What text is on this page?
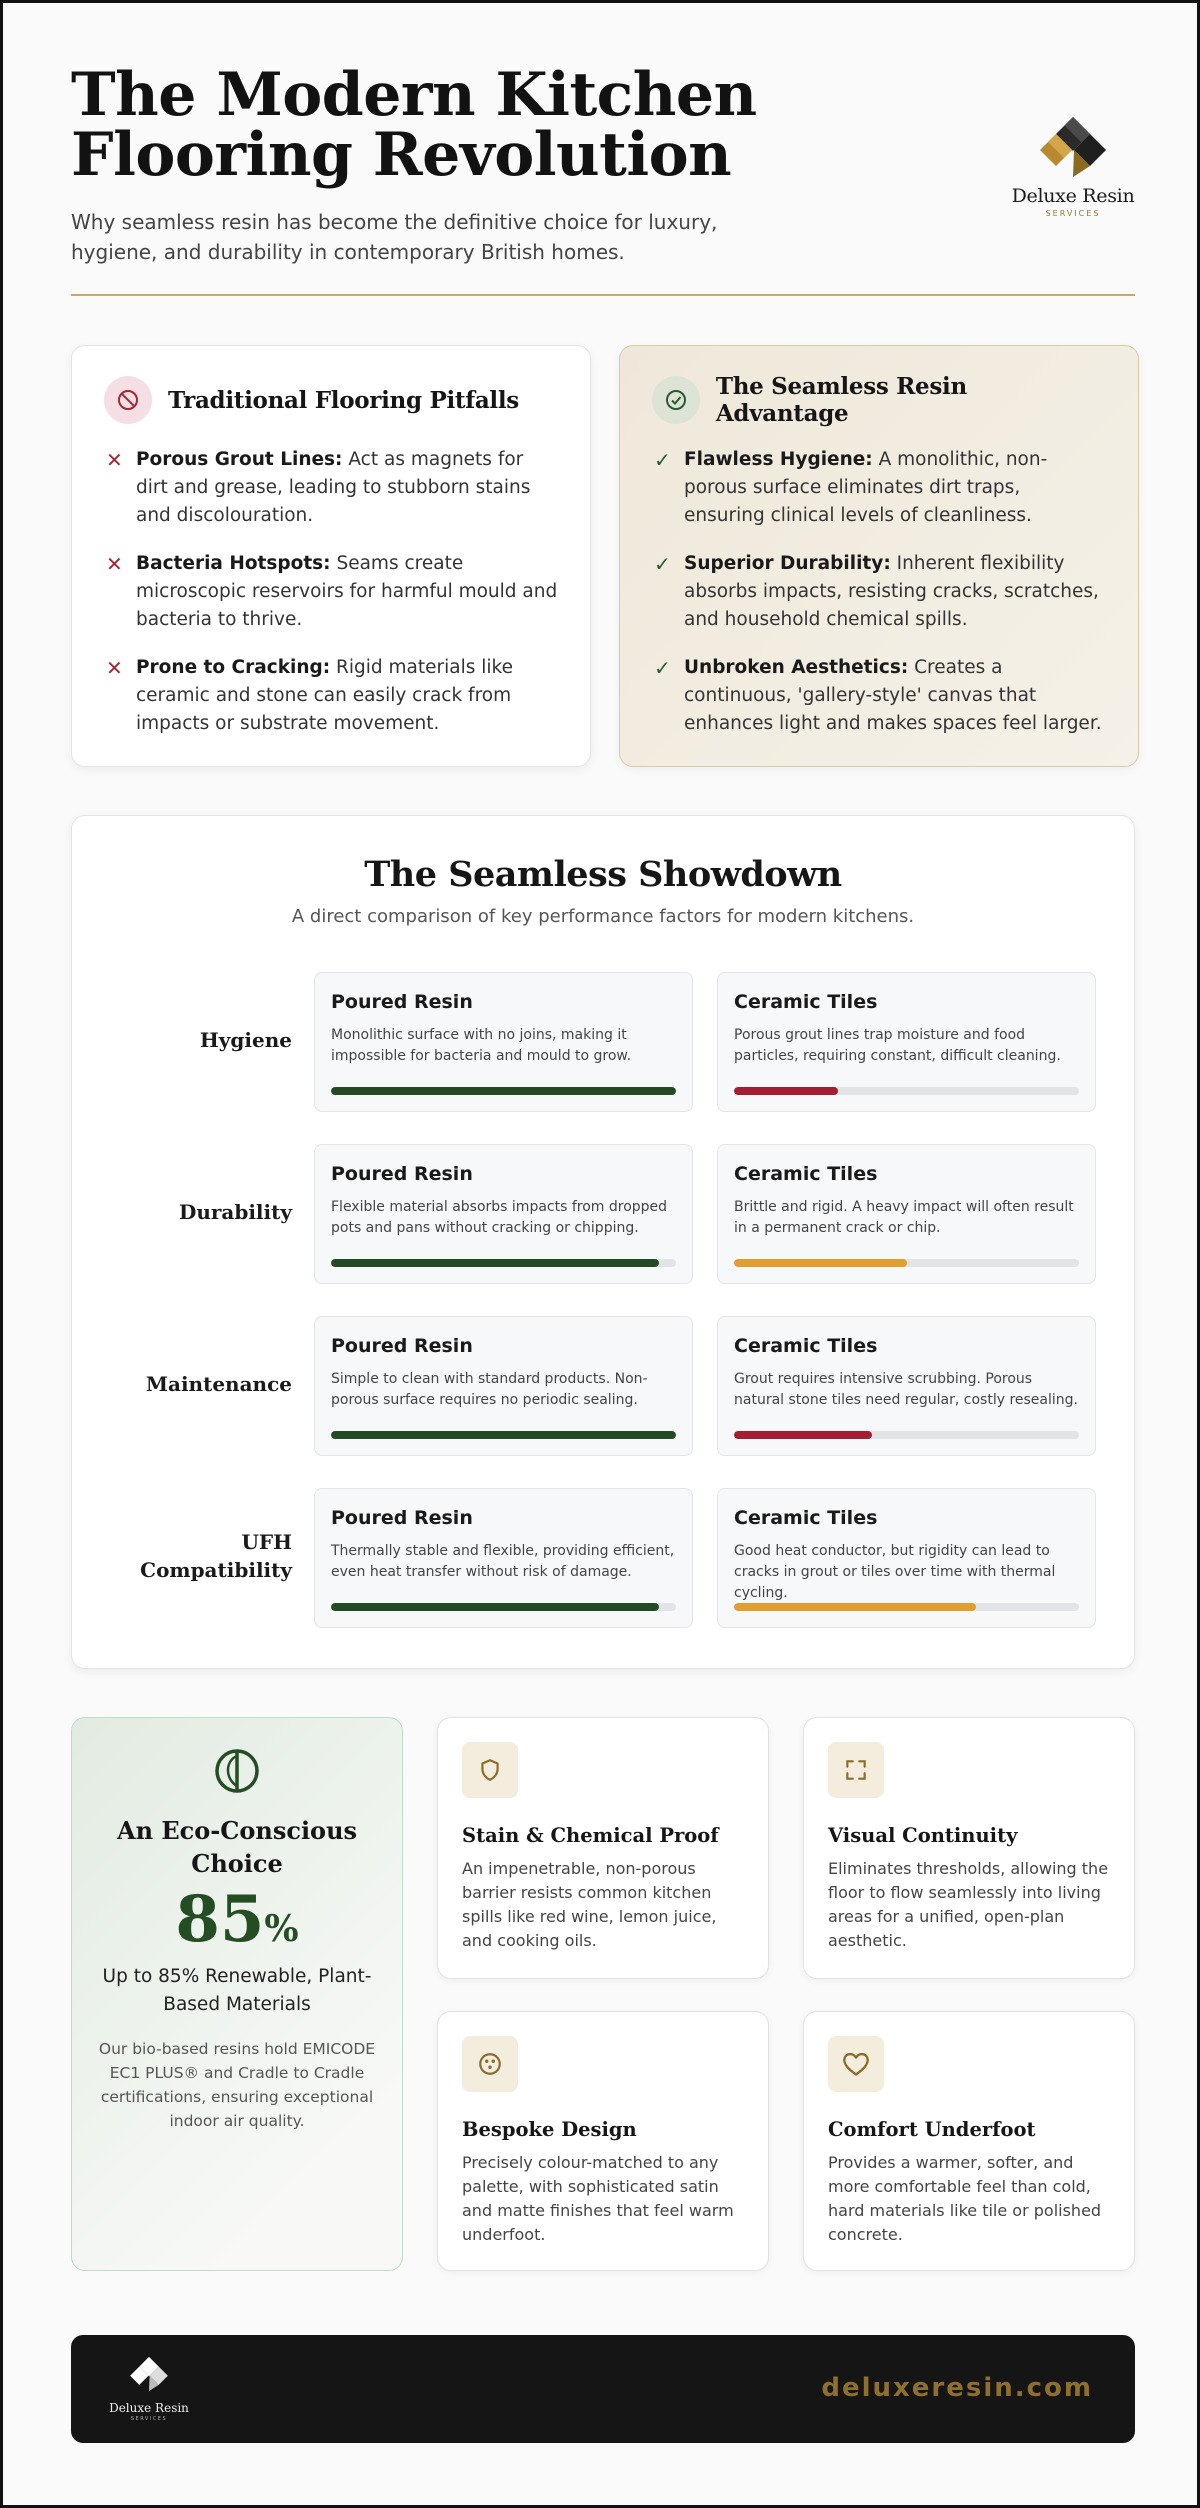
The Modern Kitchen
Flooring Revolution

Why seamless resin has become the definitive choice for luxury, hygiene, and durability in contemporary British homes.

Deluxe Resin
SERVICES
Traditional Flooring Pitfalls
✕ Porous Grout Lines: Act as magnets for dirt and grease, leading to stubborn stains and discolouration.
✕ Bacteria Hotspots: Seams create microscopic reservoirs for harmful mould and bacteria to thrive.
✕ Prone to Cracking: Rigid materials like ceramic and stone can easily crack from impacts or substrate movement.
The Seamless Resin Advantage
✓ Flawless Hygiene: A monolithic, non-porous surface eliminates dirt traps, ensuring clinical levels of cleanliness.
✓ Superior Durability: Inherent flexibility absorbs impacts, resisting cracks, scratches, and household chemical spills.
✓ Unbroken Aesthetics: Creates a continuous, 'gallery-style' canvas that enhances light and makes spaces feel larger.
The Seamless Showdown

A direct comparison of key performance factors for modern kitchens.

Hygiene
Poured Resin
Monolithic surface with no joins, making it impossible for bacteria and mould to grow.
Ceramic Tiles
Porous grout lines trap moisture and food particles, requiring constant, difficult cleaning.
Durability
Poured Resin
Flexible material absorbs impacts from dropped pots and pans without cracking or chipping.
Ceramic Tiles
Brittle and rigid. A heavy impact will often result in a permanent crack or chip.
Maintenance
Poured Resin
Simple to clean with standard products. Non-porous surface requires no periodic sealing.
Ceramic Tiles
Grout requires intensive scrubbing. Porous natural stone tiles need regular, costly resealing.
UFH Compatibility
Poured Resin
Thermally stable and flexible, providing efficient, even heat transfer without risk of damage.
Ceramic Tiles
Good heat conductor, but rigidity can lead to cracks in grout or tiles over time with thermal cycling.
An Eco-Conscious Choice
85%
Up to 85% Renewable, Plant-Based Materials

Our bio-based resins hold EMICODE EC1 PLUS® and Cradle to Cradle certifications, ensuring exceptional indoor air quality.

Stain & Chemical Proof

An impenetrable, non-porous barrier resists common kitchen spills like red wine, lemon juice, and cooking oils.

Visual Continuity

Eliminates thresholds, allowing the floor to flow seamlessly into living areas for a unified, open-plan aesthetic.

Bespoke Design

Precisely colour-matched to any palette, with sophisticated satin and matte finishes that feel warm underfoot.

Comfort Underfoot

Provides a warmer, softer, and more comfortable feel than cold, hard materials like tile or polished concrete.

Deluxe Resin
SERVICES
deluxeresin.com
